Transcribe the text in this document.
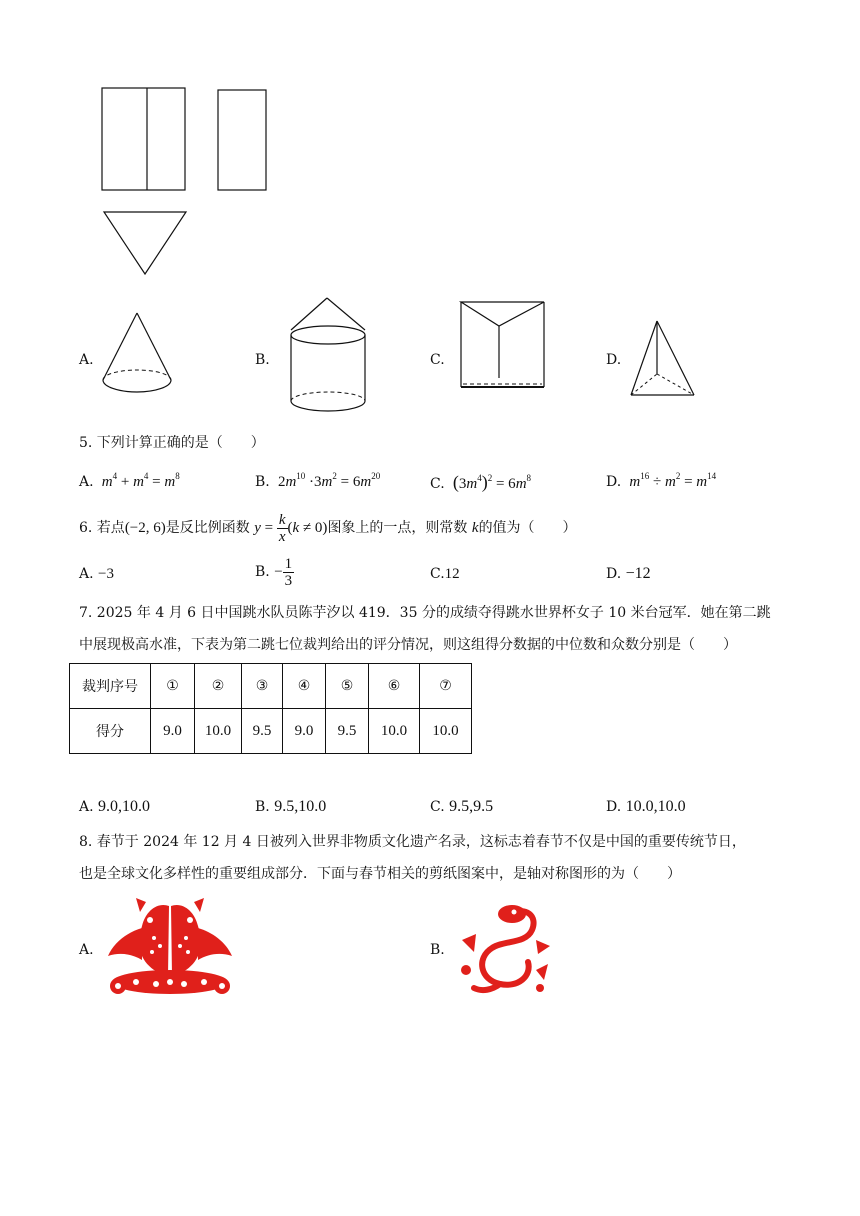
A.	B.	C.	D.
5. 下列计算正确的是（　　）
A.  $m^4 + m^4 = m^8$	B. $2m^{10} \cdot 3m^2 = 6m^{20}$	C. $(3m^4)^2 = 6m^8$	D.  $m^{16} \div m^2 = m^{14}$
6. 若点(−2, 6)是反比例函数 $y = \frac{k}{x} (k \ne 0)$图象上的一点，则常数 k的值为（　　）
A. −3	B. − $\frac{1}{3}$	C.12	D. −12
7. 2025 年 4 月 6 日中国跳水队员陈芋汐以 419．35 分的成绩夺得跳水世界杯女子 10 米台冠军．她在第二跳
中展现极高水准，下表为第二跳七位裁判给出的评分情况，则这组得分数据的中位数和众数分别是（　　）
裁判序号	①	②	③	④	⑤	⑥	⑦
得分	9.0	10.0	9.5	9.0	9.5	10.0	10.0
A. 9.0,10.0	B. 9.5,10.0	C. 9.5,9.5	D. 10.0,10.0
8. 春节于 2024 年 12 月 4 日被列入世界非物质文化遗产名录，这标志着春节不仅是中国的重要传统节日，
也是全球文化多样性的重要组成部分．下面与春节相关的剪纸图案中，是轴对称图形的为（　　）
A.	B.
